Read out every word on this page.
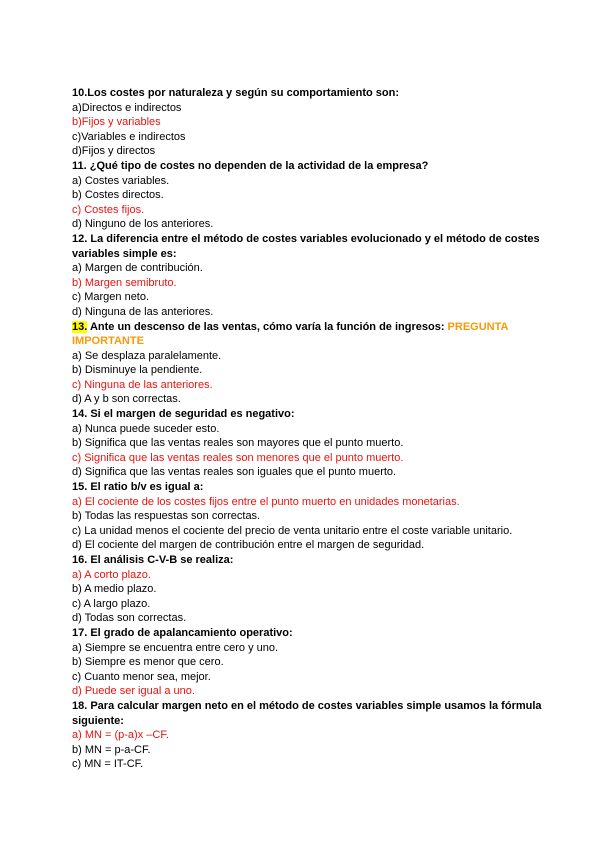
10.Los costes por naturaleza y según su comportamiento son:

a)Directos e indirectos

b)Fijos y variables

c)Variables e indirectos

d)Fijos y directos

11. ¿Qué tipo de costes no dependen de la actividad de la empresa?

a) Costes variables.

b) Costes directos.

c) Costes fijos.

d) Ninguno de los anteriores.

12. La diferencia entre el método de costes variables evolucionado y el método de costes variables simple es:

a) Margen de contribución.

b) Margen semibruto.

c) Margen neto.

d) Ninguna de las anteriores.

13. Ante un descenso de las ventas, cómo varía la función de ingresos: PREGUNTA IMPORTANTE

a) Se desplaza paralelamente.

b) Disminuye la pendiente.

c) Ninguna de las anteriores.

d) A y b son correctas.

14. Si el margen de seguridad es negativo:

a) Nunca puede suceder esto.

b) Significa que las ventas reales son mayores que el punto muerto.

c) Significa que las ventas reales son menores que el punto muerto.

d) Significa que las ventas reales son iguales que el punto muerto.

15. El ratio b/v es igual a:

a) El cociente de los costes fijos entre el punto muerto en unidades monetarias.

b) Todas las respuestas son correctas.

c) La unidad menos el cociente del precio de venta unitario entre el coste variable unitario.

d) El cociente del margen de contribución entre el margen de seguridad.

16. El análisis C-V-B se realiza:

a) A corto plazo.

b) A medio plazo.

c) A largo plazo.

d) Todas son correctas.

17. El grado de apalancamiento operativo:

a) Siempre se encuentra entre cero y uno.

b) Siempre es menor que cero.

c) Cuanto menor sea, mejor.

d) Puede ser igual a uno.

18. Para calcular margen neto en el método de costes variables simple usamos la fórmula siguiente:

a) MN = (p-a)x –CF.

b) MN = p-a-CF.

c) MN = IT-CF.
